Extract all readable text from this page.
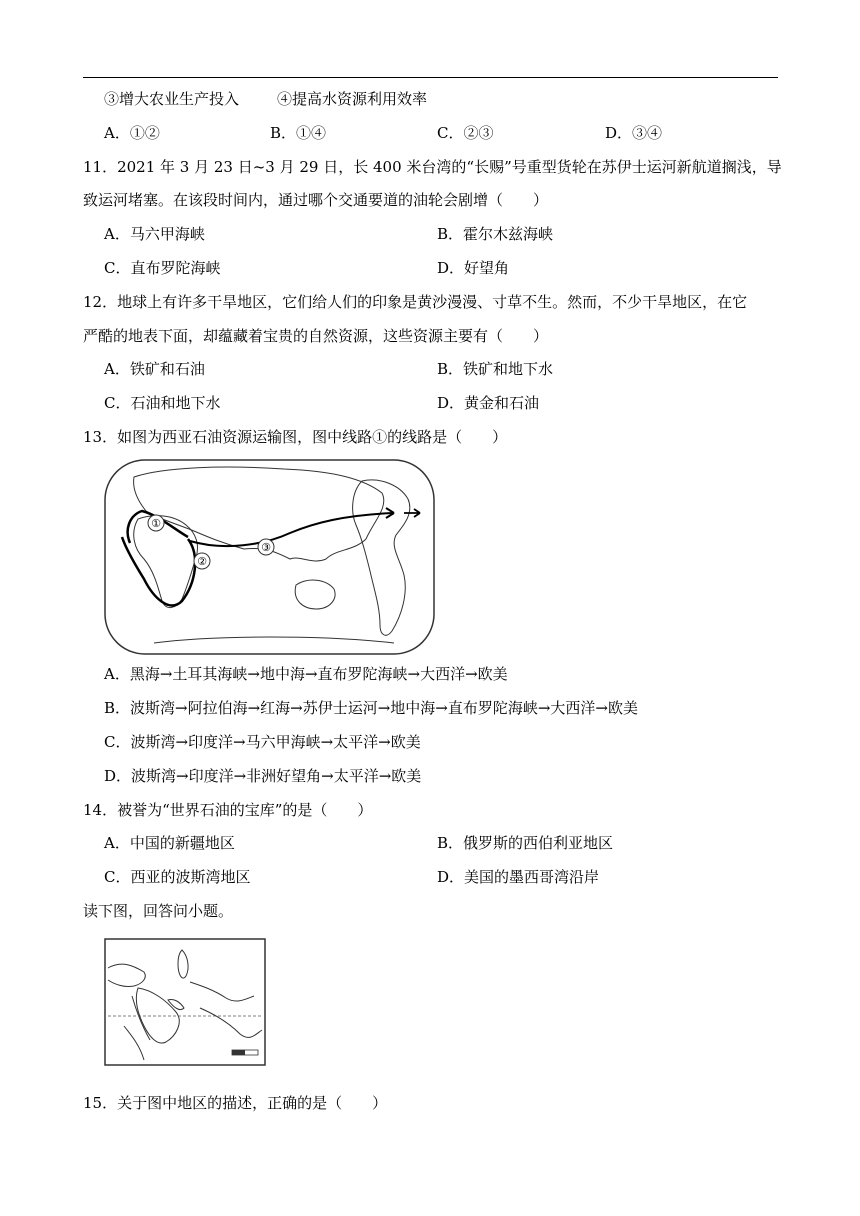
③增大农业生产投入	④提高水资源利用效率
A．①②	B．①④	C．②③	D．③④
11．2021 年 3 月 23 日~3 月 29 日，长 400 米台湾的“长赐”号重型货轮在苏伊士运河新航道搁浅，导
致运河堵塞。在该段时间内，通过哪个交通要道的油轮会剧增（　　）
A．马六甲海峡	B．霍尔木兹海峡
C．直布罗陀海峡	D．好望角
12．地球上有许多干旱地区，它们给人们的印象是黄沙漫漫、寸草不生。然而，不少干旱地区，在它
严酷的地表下面，却蕴藏着宝贵的自然资源，这些资源主要有（　　）
A．铁矿和石油	B．铁矿和地下水
C．石油和地下水	D．黄金和石油
13．如图为西亚石油资源运输图，图中线路①的线路是（　　）
①
②
③
A．黑海→土耳其海峡→地中海→直布罗陀海峡→大西洋→欧美
B．波斯湾→阿拉伯海→红海→苏伊士运河→地中海→直布罗陀海峡→大西洋→欧美
C．波斯湾→印度洋→马六甲海峡→太平洋→欧美
D．波斯湾→印度洋→非洲好望角→太平洋→欧美
14．被誉为“世界石油的宝库”的是（　　）
A．中国的新疆地区	B．俄罗斯的西伯利亚地区
C．西亚的波斯湾地区	D．美国的墨西哥湾沿岸
读下图，回答问小题。
15．关于图中地区的描述，正确的是（　　）
